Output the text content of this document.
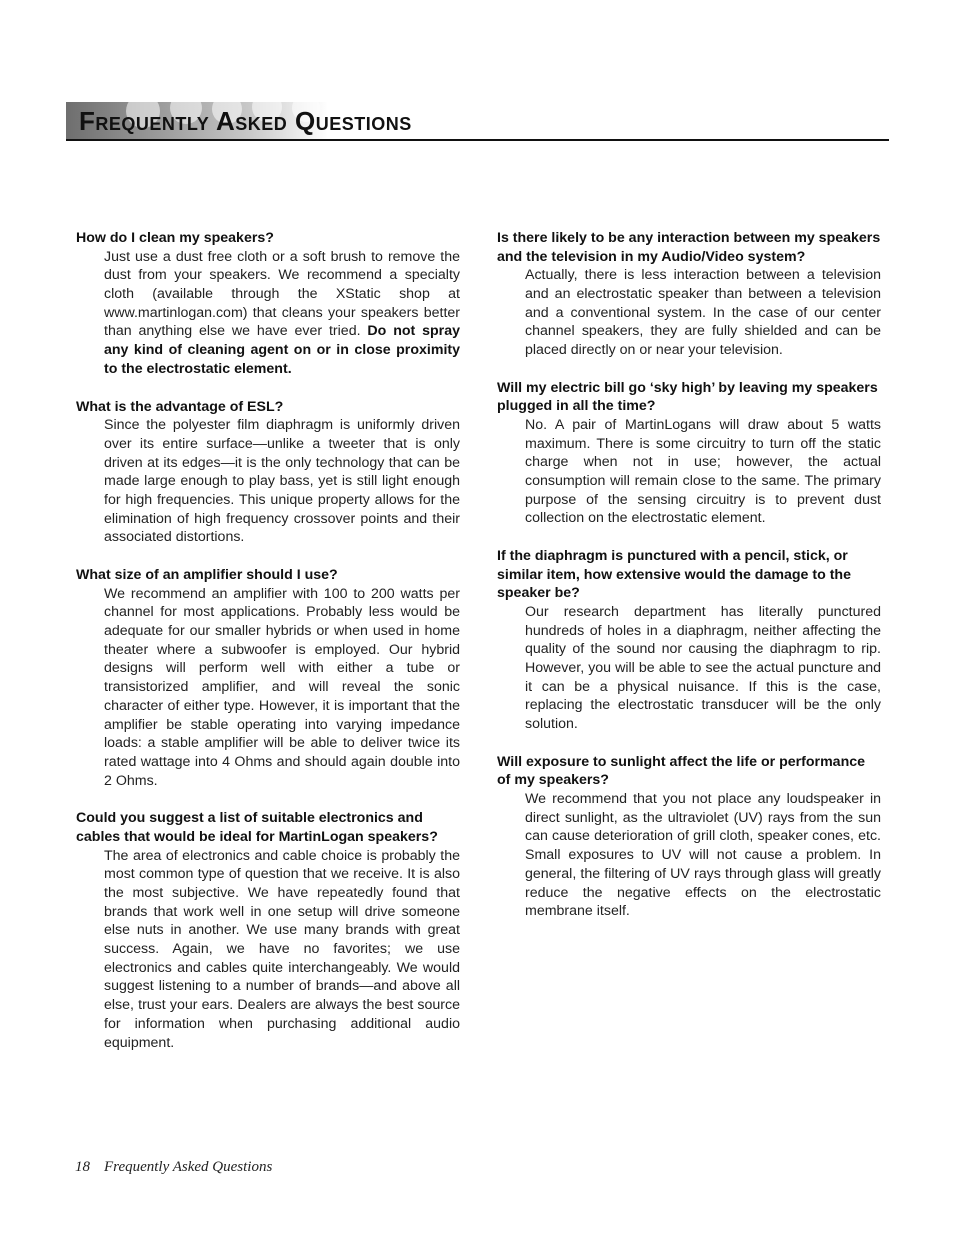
Frequently Asked Questions

How do I clean my speakers?

Just use a dust free cloth or a soft brush to remove the dust from your speakers. We recommend a specialty cloth (available through the XStatic shop at www.martinlogan.com) that cleans your speakers better than anything else we have ever tried. Do not spray any kind of cleaning agent on or in close proximity to the electrostatic element.

What is the advantage of ESL?

Since the polyester film diaphragm is uniformly driven over its entire surface—unlike a tweeter that is only driven at its edges—it is the only technology that can be made large enough to play bass, yet is still light enough for high frequencies. This unique property allows for the elimination of high frequency crossover points and their associated distortions.

What size of an amplifier should I use?

We recommend an amplifier with 100 to 200 watts per channel for most applications. Probably less would be adequate for our smaller hybrids or when used in home theater where a subwoofer is employed. Our hybrid designs will perform well with either a tube or transistorized amplifier, and will reveal the sonic character of either type. However, it is important that the amplifier be stable operating into varying impedance loads: a stable amplifier will be able to deliver twice its rated wattage into 4 Ohms and should again double into 2 Ohms.

Could you suggest a list of suitable electronics and cables that would be ideal for MartinLogan speakers?

The area of electronics and cable choice is probably the most common type of question that we receive. It is also the most subjective. We have repeatedly found that brands that work well in one setup will drive someone else nuts in another. We use many brands with great success. Again, we have no favorites; we use electronics and cables quite interchangeably. We would suggest listening to a number of brands—and above all else, trust your ears. Dealers are always the best source for information when purchasing additional audio equipment.

Is there likely to be any interaction between my speakers and the television in my Audio/Video system?

Actually, there is less interaction between a television and an electrostatic speaker than between a television and a conventional system. In the case of our center channel speakers, they are fully shielded and can be placed directly on or near your television.

Will my electric bill go ‘sky high’ by leaving my speakers plugged in all the time?

No. A pair of MartinLogans will draw about 5 watts maximum. There is some circuitry to turn off the static charge when not in use; however, the actual consumption will remain close to the same. The primary purpose of the sensing circuitry is to prevent dust collection on the electrostatic element.

If the diaphragm is punctured with a pencil, stick, or similar item, how extensive would the damage to the speaker be?

Our research department has literally punctured hundreds of holes in a diaphragm, neither affecting the quality of the sound nor causing the diaphragm to rip. However, you will be able to see the actual puncture and it can be a physical nuisance. If this is the case, replacing the electrostatic transducer will be the only solution.

Will exposure to sunlight affect the life or performance of my speakers?

We recommend that you not place any loudspeaker in direct sunlight, as the ultraviolet (UV) rays from the sun can cause deterioration of grill cloth, speaker cones, etc. Small exposures to UV will not cause a problem. In general, the filtering of UV rays through glass will greatly reduce the negative effects on the electrostatic membrane itself.

18 Frequently Asked Questions
